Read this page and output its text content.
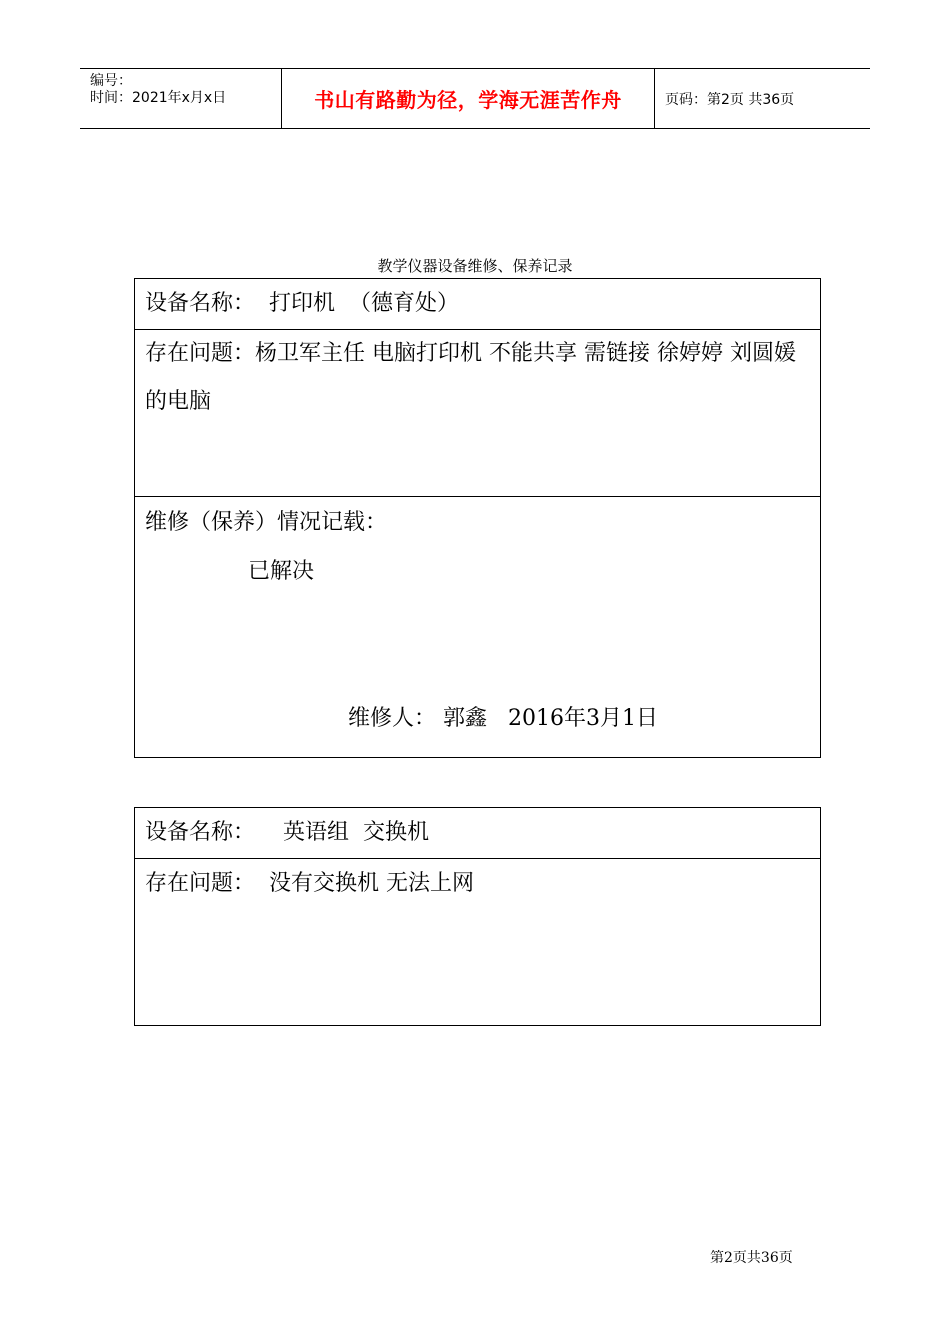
编号：
时间：2021年x月x日	书山有路勤为径，学海无涯苦作舟	页码：第2页 共36页
教学仪器设备维修、保养记录
设备名称：  打印机  （德育处）
存在问题：杨卫军主任 电脑打印机 不能共享 需链接 徐婷婷 刘圆媛 的电脑

维修（保养）情况记载：
已解决
维修人： 郭鑫   2016年3月1日
设备名称：    英语组  交换机
存在问题：  没有交换机 无法上网
第2页共36页
